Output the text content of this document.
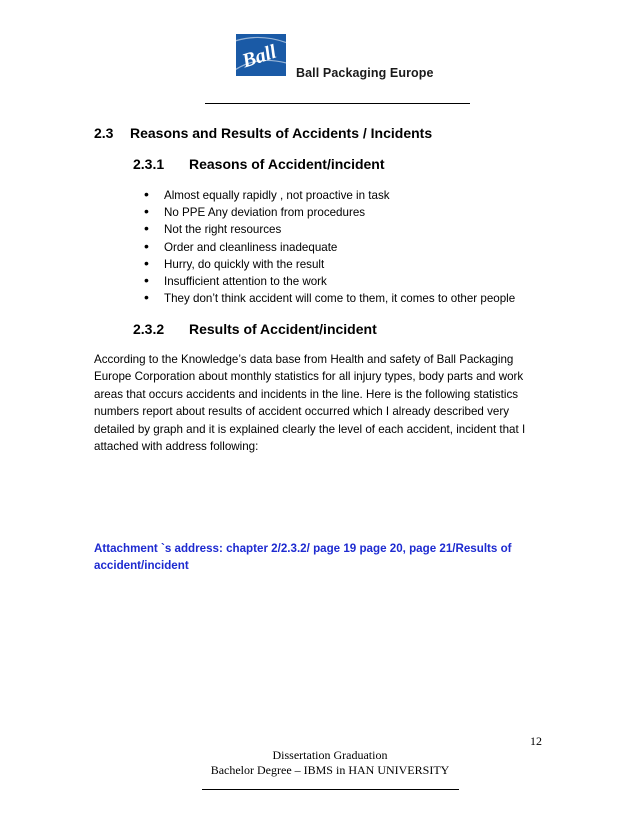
Ball
Ball Packaging Europe
2.3 Reasons and Results of Accidents / Incidents
2.3.1 Reasons of Accident/incident
• Almost equally rapidly , not proactive in task
• No PPE Any deviation from procedures
• Not the right resources
• Order and cleanliness inadequate
• Hurry, do quickly with the result
• Insufficient attention to the work
• They don’t think accident will come to them, it comes to other people
2.3.2 Results of Accident/incident

According to the Knowledge’s data base from Health and safety of Ball Packaging Europe Corporation about monthly statistics for all injury types, body parts and work areas that occurs accidents and incidents in the line. Here is the following statistics numbers report about results of accident occurred which I already described very detailed by graph and it is explained clearly the level of each accident, incident that I attached with address following:

Attachment `s address: chapter 2/2.3.2/ page 19 page 20, page 21/Results of accident/incident

12
Dissertation Graduation
Bachelor Degree – IBMS in HAN UNIVERSITY
